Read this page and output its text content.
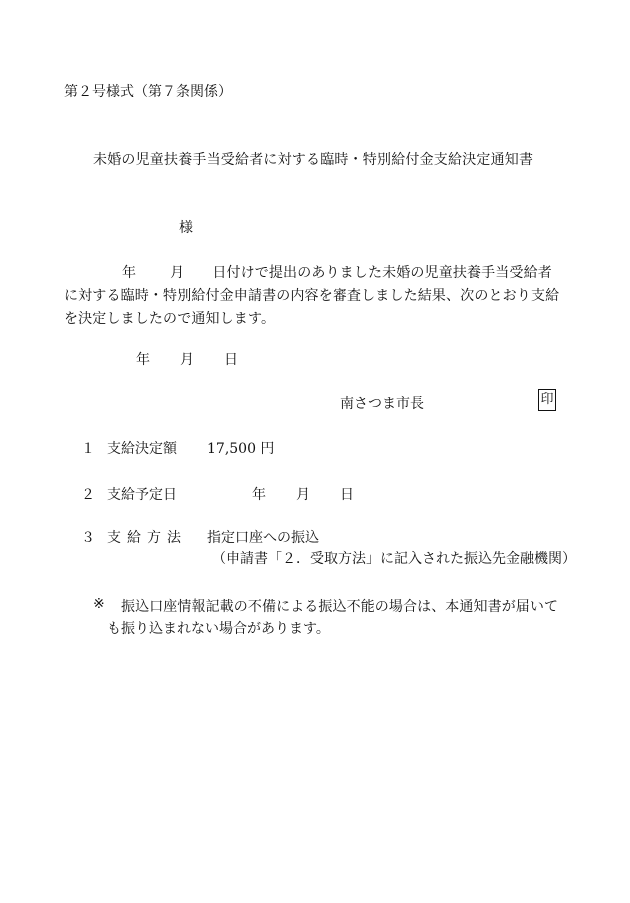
第２号様式（第７条関係）
未婚の児童扶養手当受給者に対する臨時・特別給付金支給決定通知書
様
年 月 日付けで提出のありました未婚の児童扶養手当受給者
に対する臨時・特別給付金申請書の内容を審査しました結果、次のとおり支給
を決定しましたので通知します。
年 月 日
南さつま市長	印
１ 支給決定額 17,500 円
２ 支給予定日	年 月 日
３ 支給方法 指定口座への振込
（申請書「２．受取方法」に記入された振込先金融機関）
※ 振込口座情報記載の不備による振込不能の場合は、本通知書が届いて
も振り込まれない場合があります。
